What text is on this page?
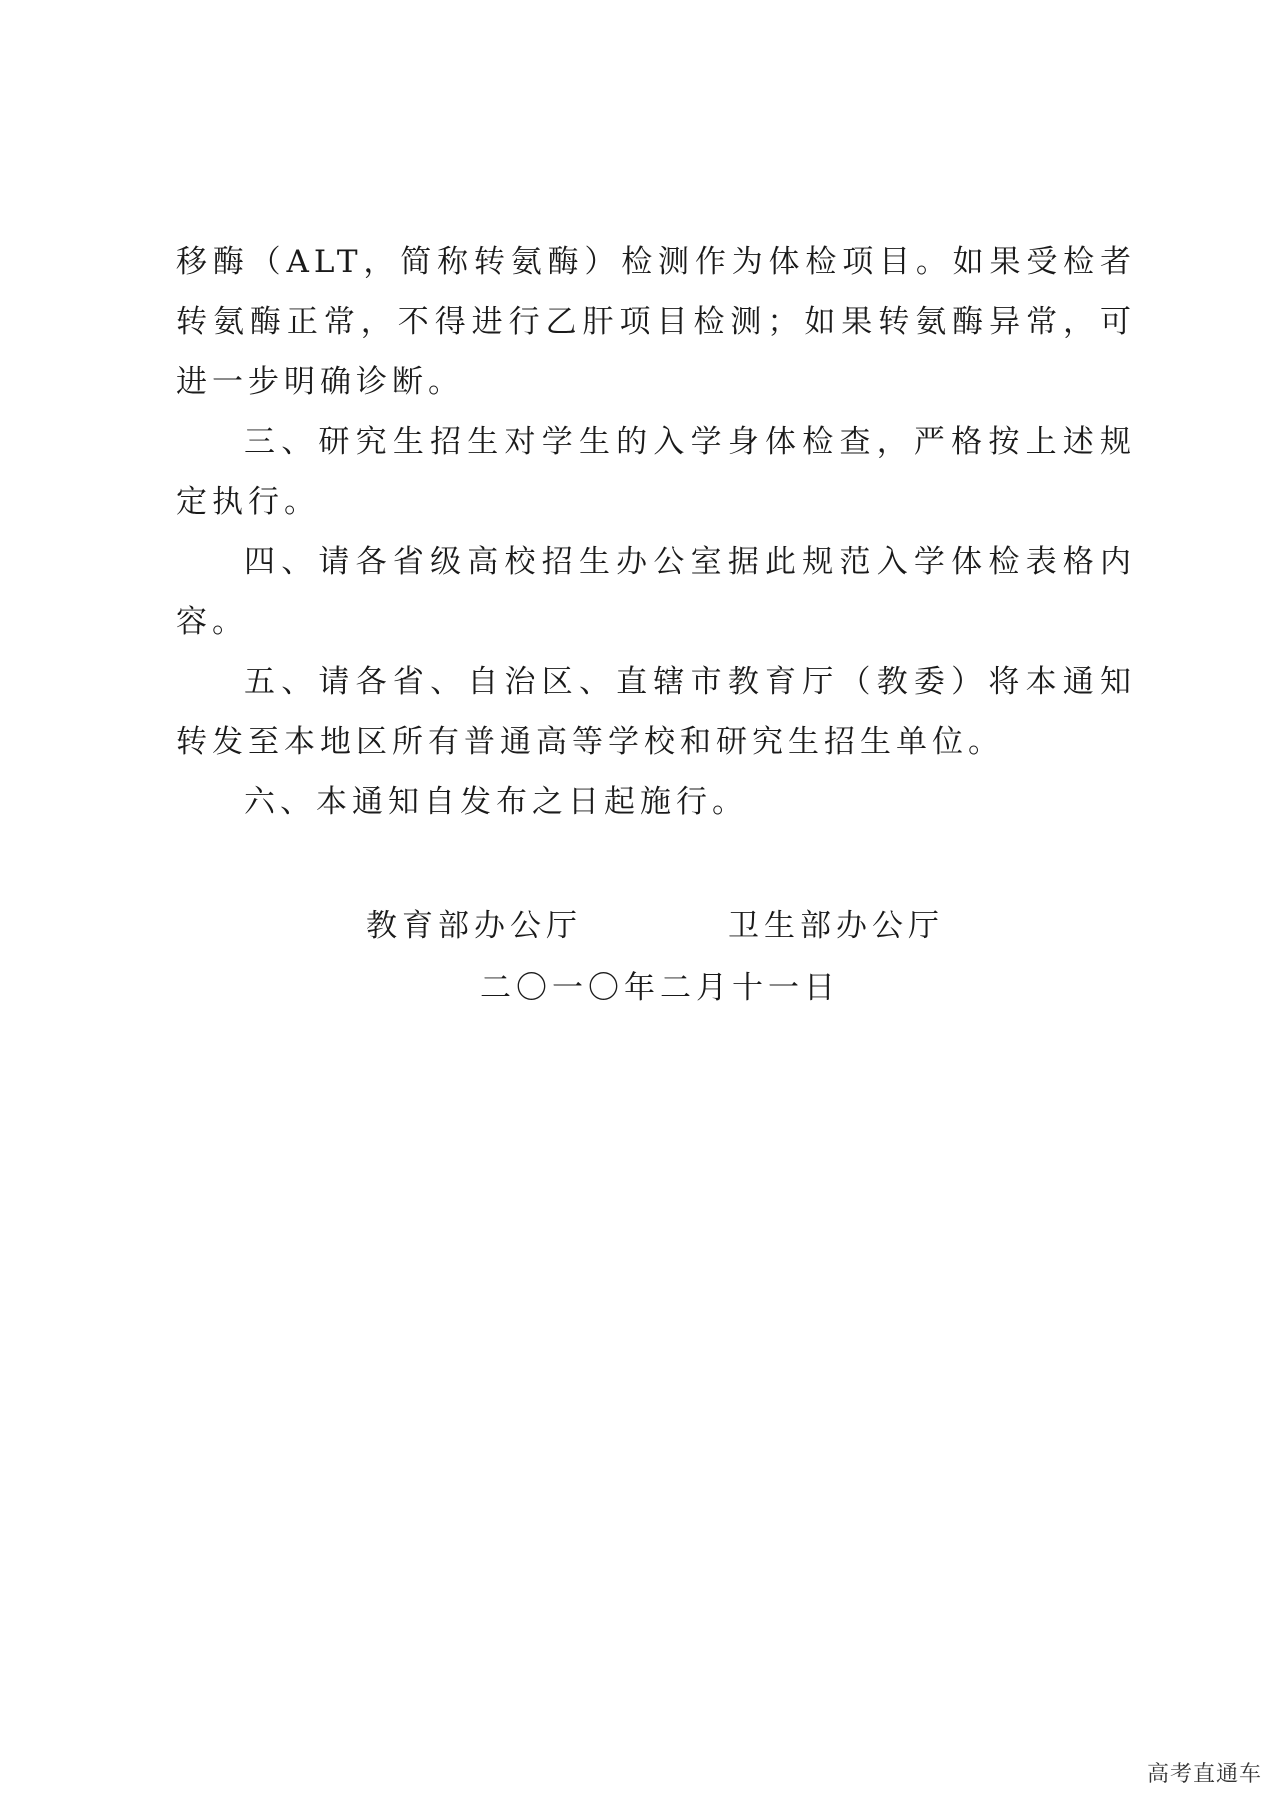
移酶（ALT，简称转氨酶）检测作为体检项目。如果受检者转氨酶正常，不得进行乙肝项目检测；如果转氨酶异常，可进一步明确诊断。

三、研究生招生对学生的入学身体检查，严格按上述规定执行。

四、请各省级高校招生办公室据此规范入学体检表格内容。

五、请各省、自治区、直辖市教育厅（教委）将本通知转发至本地区所有普通高等学校和研究生招生单位。

六、本通知自发布之日起施行。

教育部办公厅	卫生部办公厅
二〇一〇年二月十一日
高考直通车
